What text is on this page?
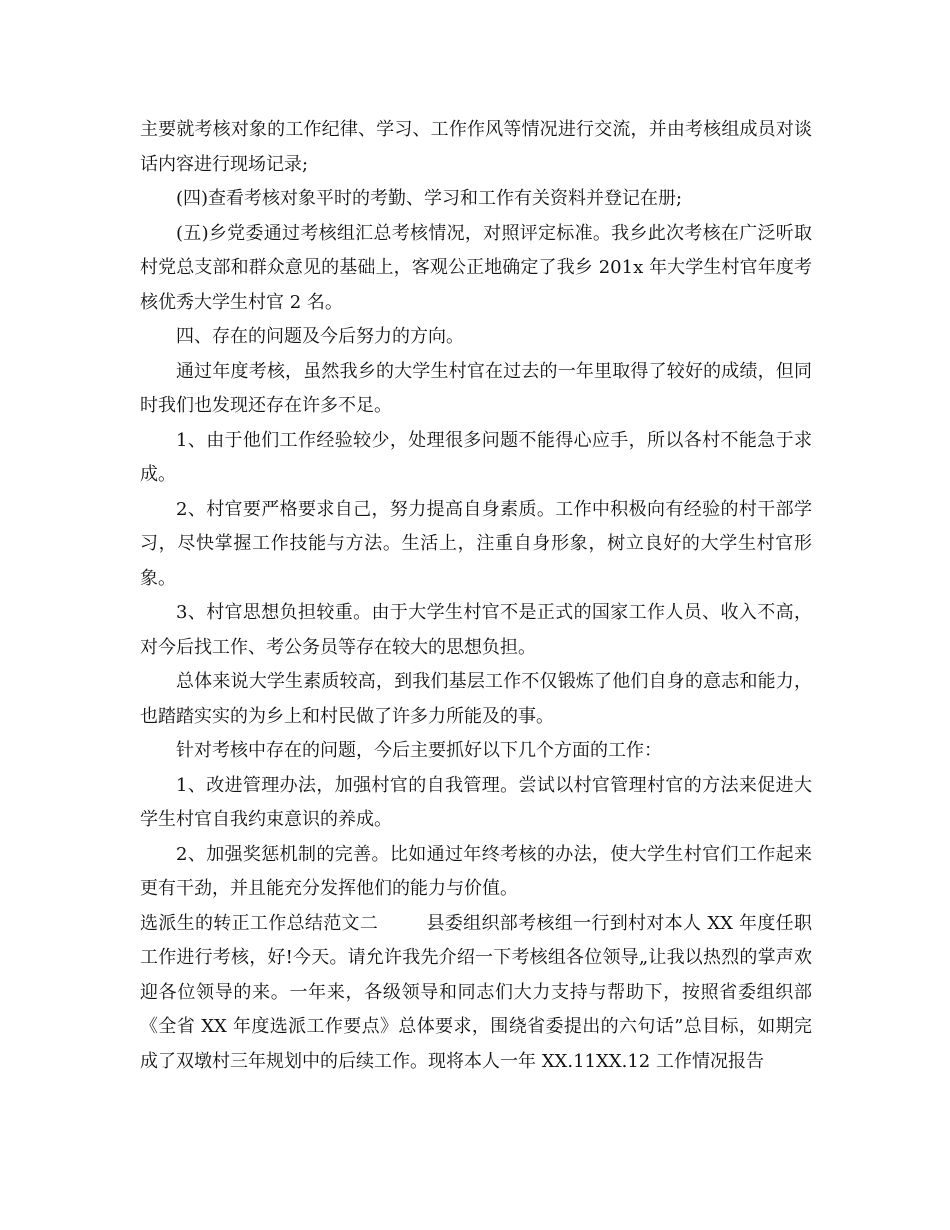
主要就考核对象的工作纪律、学习、工作作风等情况进行交流，并由考核组成员对谈话内容进行现场记录;

(四)查看考核对象平时的考勤、学习和工作有关资料并登记在册;

(五)乡党委通过考核组汇总考核情况，对照评定标准。我乡此次考核在广泛听取村党总支部和群众意见的基础上，客观公正地确定了我乡 201x 年大学生村官年度考核优秀大学生村官 2 名。

四、存在的问题及今后努力的方向。

通过年度考核，虽然我乡的大学生村官在过去的一年里取得了较好的成绩，但同时我们也发现还存在许多不足。

1、由于他们工作经验较少，处理很多问题不能得心应手，所以各村不能急于求成。

2、村官要严格要求自己，努力提高自身素质。工作中积极向有经验的村干部学习，尽快掌握工作技能与方法。生活上，注重自身形象，树立良好的大学生村官形象。

3、村官思想负担较重。由于大学生村官不是正式的国家工作人员、收入不高，对今后找工作、考公务员等存在较大的思想负担。

总体来说大学生素质较高，到我们基层工作不仅锻炼了他们自身的意志和能力，也踏踏实实的为乡上和村民做了许多力所能及的事。

针对考核中存在的问题，今后主要抓好以下几个方面的工作：

1、改进管理办法，加强村官的自我管理。尝试以村官管理村官的方法来促进大学生村官自我约束意识的养成。

2、加强奖惩机制的完善。比如通过年终考核的办法，使大学生村官们工作起来更有干劲，并且能充分发挥他们的能力与价值。

选派生的转正工作总结范文二        县委组织部考核组一行到村对本人 XX 年度任职工作进行考核，好!今天。请允许我先介绍一下考核组各位领导„让我以热烈的掌声欢迎各位领导的来。一年来，各级领导和同志们大力支持与帮助下，按照省委组织部《全省 XX 年度选派工作要点》总体要求，围绕省委提出的六句话”总目标，如期完成了双墩村三年规划中的后续工作。现将本人一年 XX.11XX.12 工作情况报告
